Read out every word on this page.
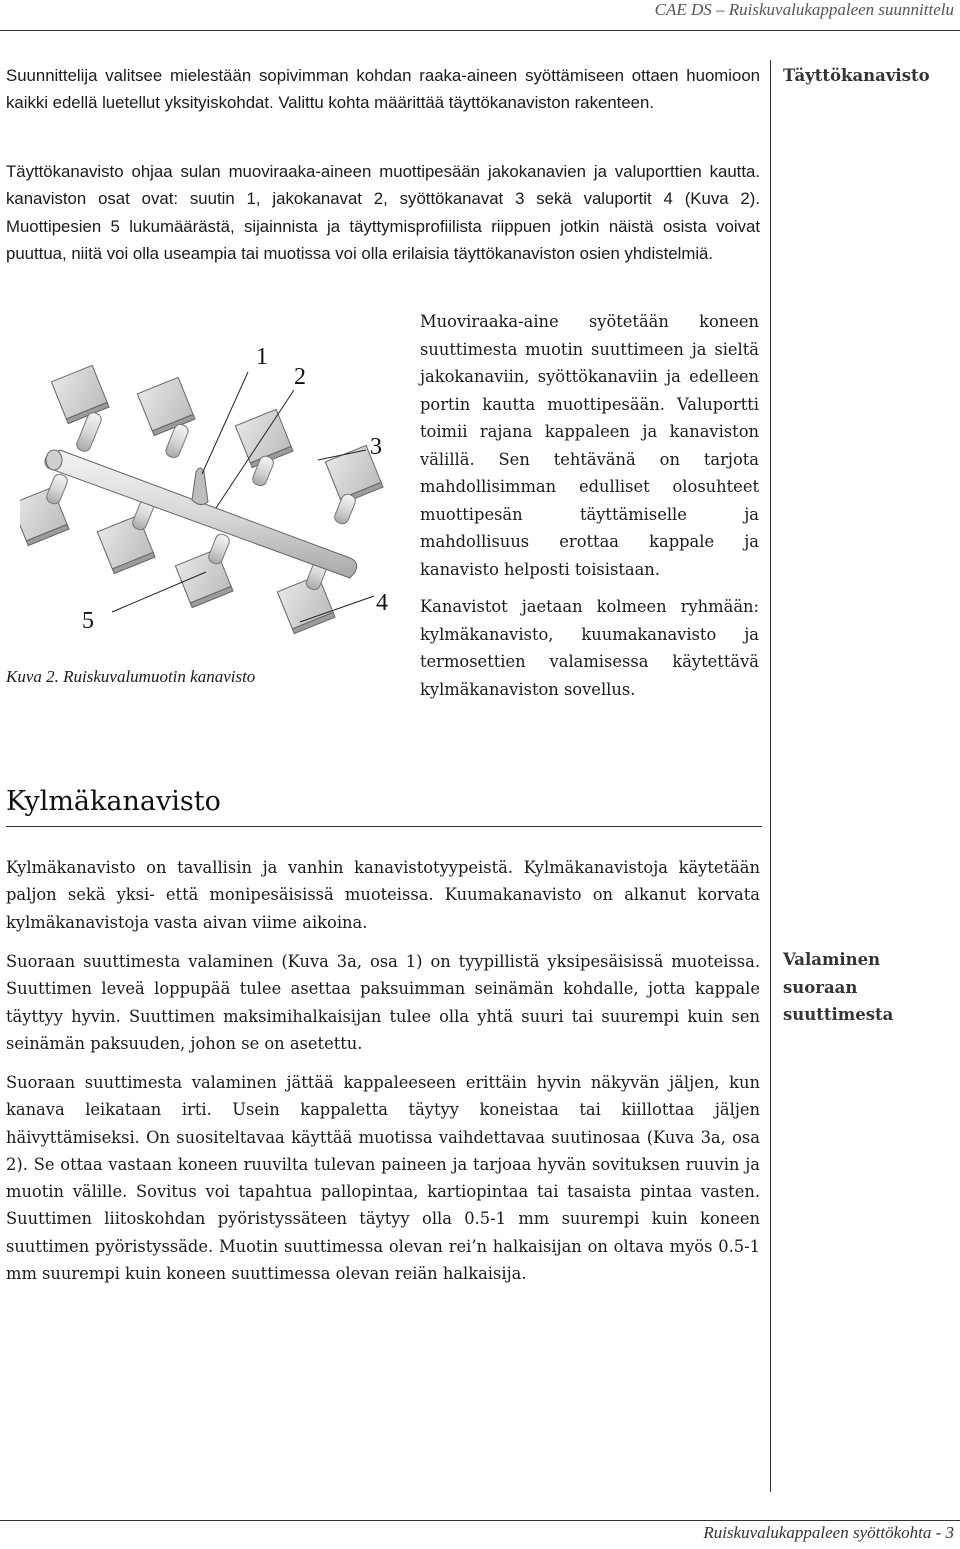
CAE DS – Ruiskuvalukappaleen suunnittelu
Täyttökanavisto

Suunnittelija valitsee mielestään sopivimman kohdan raaka-aineen syöttämiseen ottaen huomioon kaikki edellä luetellut yksityiskohdat. Valittu kohta määrittää täyttökanaviston rakenteen.

Täyttökanavisto ohjaa sulan muoviraaka-aineen muottipesään jakokanavien ja valuporttien kautta. kanaviston osat ovat: suutin 1, jakokanavat 2, syöttökanavat 3 sekä valuportit 4 (Kuva 2). Muottipesien 5 lukumäärästä, sijainnista ja täyttymisprofiilista riippuen jotkin näistä osista voivat puuttua, niitä voi olla useampia tai muotissa voi olla erilaisia täyttökanaviston osien yhdistelmiä.

1
2
3
4
5
Kuva 2. Ruiskuvalumuotin kanavisto

Muoviraaka-aine syötetään koneen suuttimesta muotin suuttimeen ja sieltä jakokanaviin, syöttökanaviin ja edelleen portin kautta muottipesään. Valuportti toimii rajana kappaleen ja kanaviston välillä. Sen tehtävänä on tarjota mahdollisimman edulliset olosuhteet muottipesän täyttämiselle ja mahdollisuus erottaa kappale ja kanavisto helposti toisistaan.

Kanavistot jaetaan kolmeen ryhmään: kylmäkanavisto, kuumakanavisto ja termosettien valamisessa käytettävä kylmäkanaviston sovellus.

Kylmäkanavisto

Kylmäkanavisto on tavallisin ja vanhin kanavistotyypeistä. Kylmäkanavistoja käytetään paljon sekä yksi- että monipesäisissä muoteissa. Kuumakanavisto on alkanut korvata kylmäkanavistoja vasta aivan viime aikoina.

Valaminen suoraan suuttimesta

Suoraan suuttimesta valaminen (Kuva 3a, osa 1) on tyypillistä yksipesäisissä muoteissa. Suuttimen leveä loppupää tulee asettaa paksuimman seinämän kohdalle, jotta kappale täyttyy hyvin. Suuttimen maksimihalkaisijan tulee olla yhtä suuri tai suurempi kuin sen seinämän paksuuden, johon se on asetettu.

Suoraan suuttimesta valaminen jättää kappaleeseen erittäin hyvin näkyvän jäljen, kun kanava leikataan irti. Usein kappaletta täytyy koneistaa tai kiillottaa jäljen häivyttämiseksi. On suositeltavaa käyttää muotissa vaihdettavaa suutinosaa (Kuva 3a, osa 2). Se ottaa vastaan koneen ruuvilta tulevan paineen ja tarjoaa hyvän sovituksen ruuvin ja muotin välille. Sovitus voi tapahtua pallopintaa, kartiopintaa tai tasaista pintaa vasten. Suuttimen liitoskohdan pyöristyssäteen täytyy olla 0.5-1 mm suurempi kuin koneen suuttimen pyöristyssäde. Muotin suuttimessa olevan rei’n halkaisijan on oltava myös 0.5-1 mm suurempi kuin koneen suuttimessa olevan reiän halkaisija.

Ruiskuvalukappaleen syöttökohta - 3
